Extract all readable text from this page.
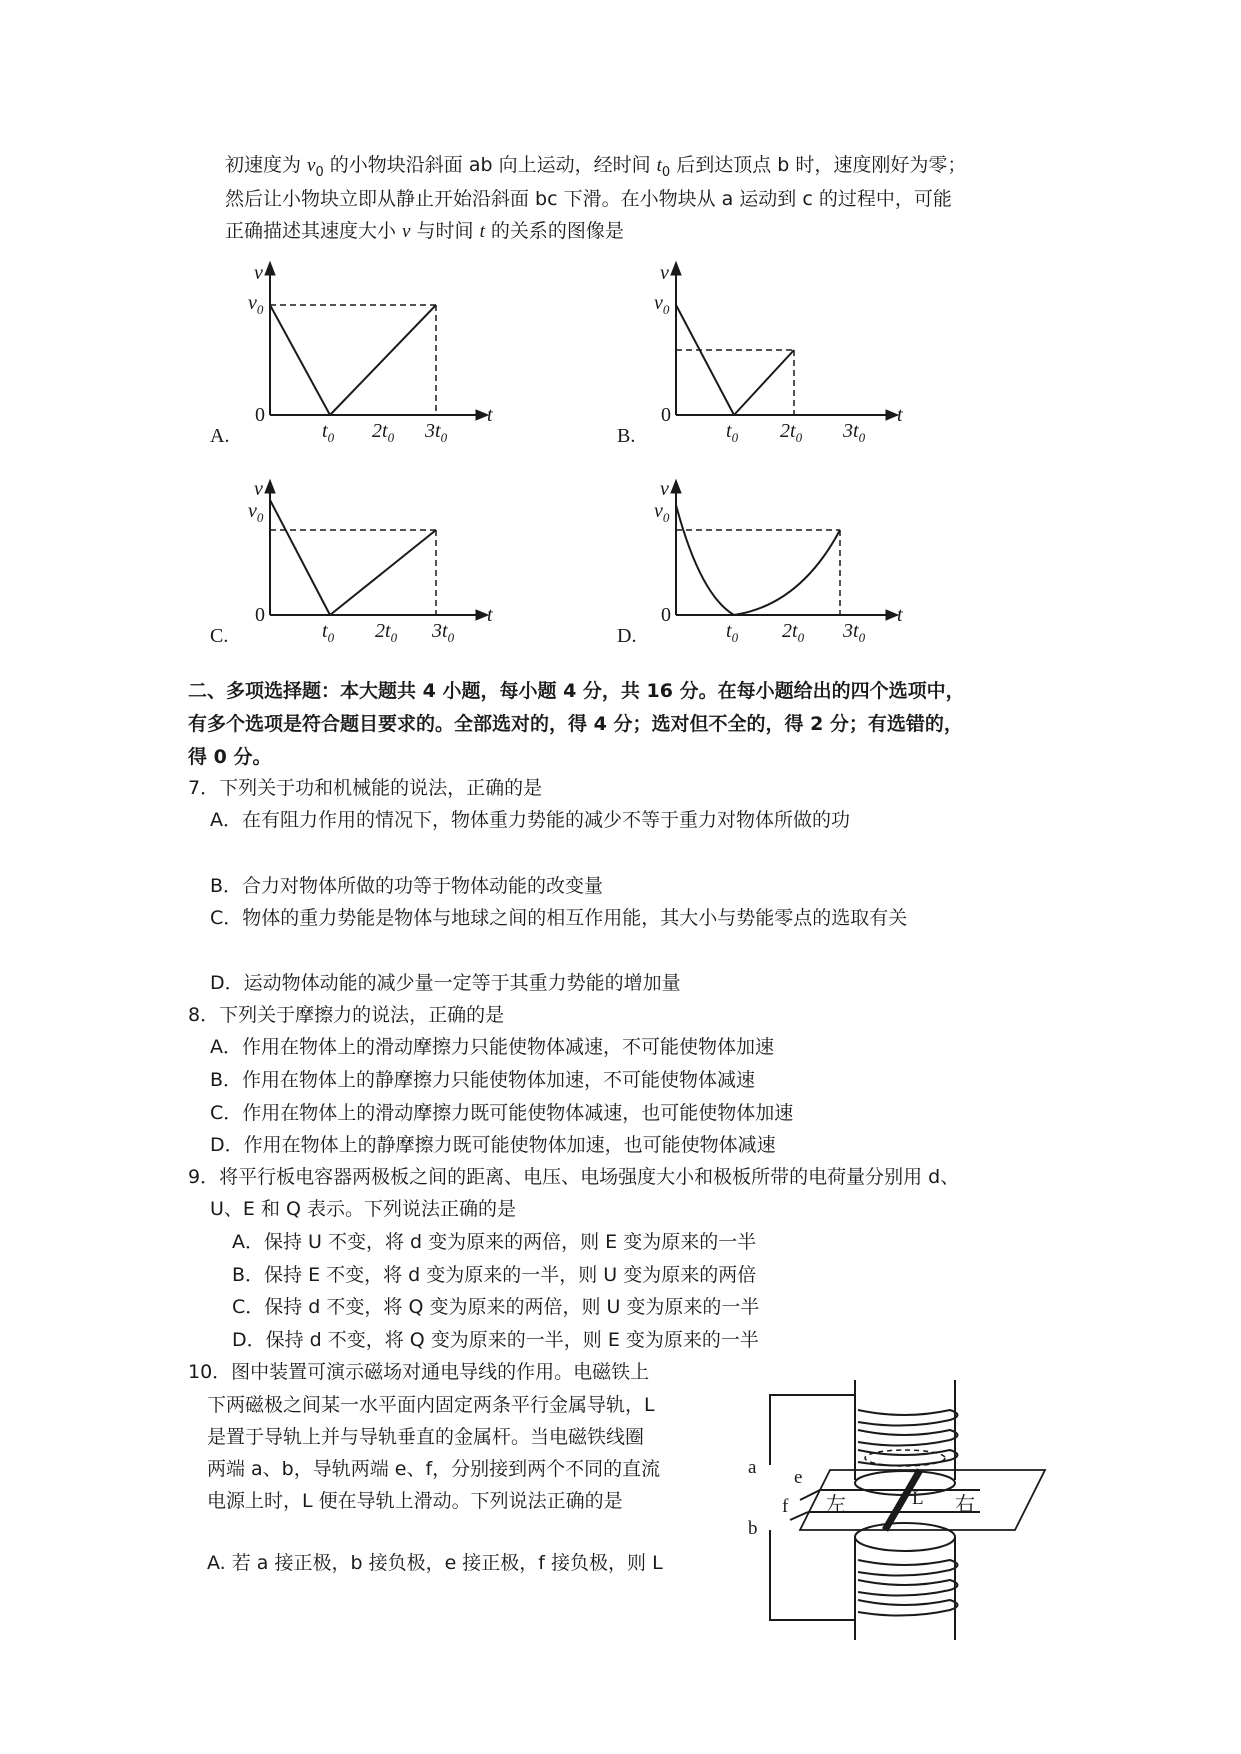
初速度为 $v_0$ 的小物块沿斜面 ab 向上运动，经时间 $t_0$ 后到达顶点 b 时，速度刚好为零；
然后让小物块立即从静止开始沿斜面 bc 下滑。在小物块从 a 运动到 c 的过程中，可能
正确描述其速度大小 v 与时间 t 的关系的图像是
v
$v_0$
0	t
$t_0$ $2t_0$ $3t_0$
A.
v
$v_0$
0	t
$t_0$ $2t_0$ $3t_0$
B.
v
$v_0$
0	t
$t_0$ $2t_0$ $3t_0$
C.
v
$v_0$
0	t
$t_0$ $2t_0$ $3t_0$
D.
二、多项选择题：本大题共 4 小题，每小题 4 分，共 16 分。在每小题给出的四个选项中，
有多个选项是符合题目要求的。全部选对的，得 4 分；选对但不全的，得 2 分；有选错的，
得 0 分。
7．下列关于功和机械能的说法，正确的是
A．在有阻力作用的情况下，物体重力势能的减少不等于重力对物体所做的功
B．合力对物体所做的功等于物体动能的改变量
C．物体的重力势能是物体与地球之间的相互作用能，其大小与势能零点的选取有关
D．运动物体动能的减少量一定等于其重力势能的增加量
8．下列关于摩擦力的说法，正确的是
A．作用在物体上的滑动摩擦力只能使物体减速，不可能使物体加速
B．作用在物体上的静摩擦力只能使物体加速，不可能使物体减速
C．作用在物体上的滑动摩擦力既可能使物体减速，也可能使物体加速
D．作用在物体上的静摩擦力既可能使物体加速，也可能使物体减速
9．将平行板电容器两极板之间的距离、电压、电场强度大小和极板所带的电荷量分别用 d、
U、E 和 Q 表示。下列说法正确的是
A．保持 U 不变，将 d 变为原来的两倍，则 E 变为原来的一半
B．保持 E 不变，将 d 变为原来的一半，则 U 变为原来的两倍
C．保持 d 不变，将 Q 变为原来的两倍，则 U 变为原来的一半
D．保持 d 不变，将 Q 变为原来的一半，则 E 变为原来的一半
10．图中装置可演示磁场对通电导线的作用。电磁铁上
下两磁极之间某一水平面内固定两条平行金属导轨，L
是置于导轨上并与导轨垂直的金属杆。当电磁铁线圈
两端 a、b，导轨两端 e、f，分别接到两个不同的直流
电源上时，L 便在导轨上滑动。下列说法正确的是
A. 若 a 接正极，b 接负极，e 接正极，f 接负极，则 L
a
b
e
f 左	L 右
